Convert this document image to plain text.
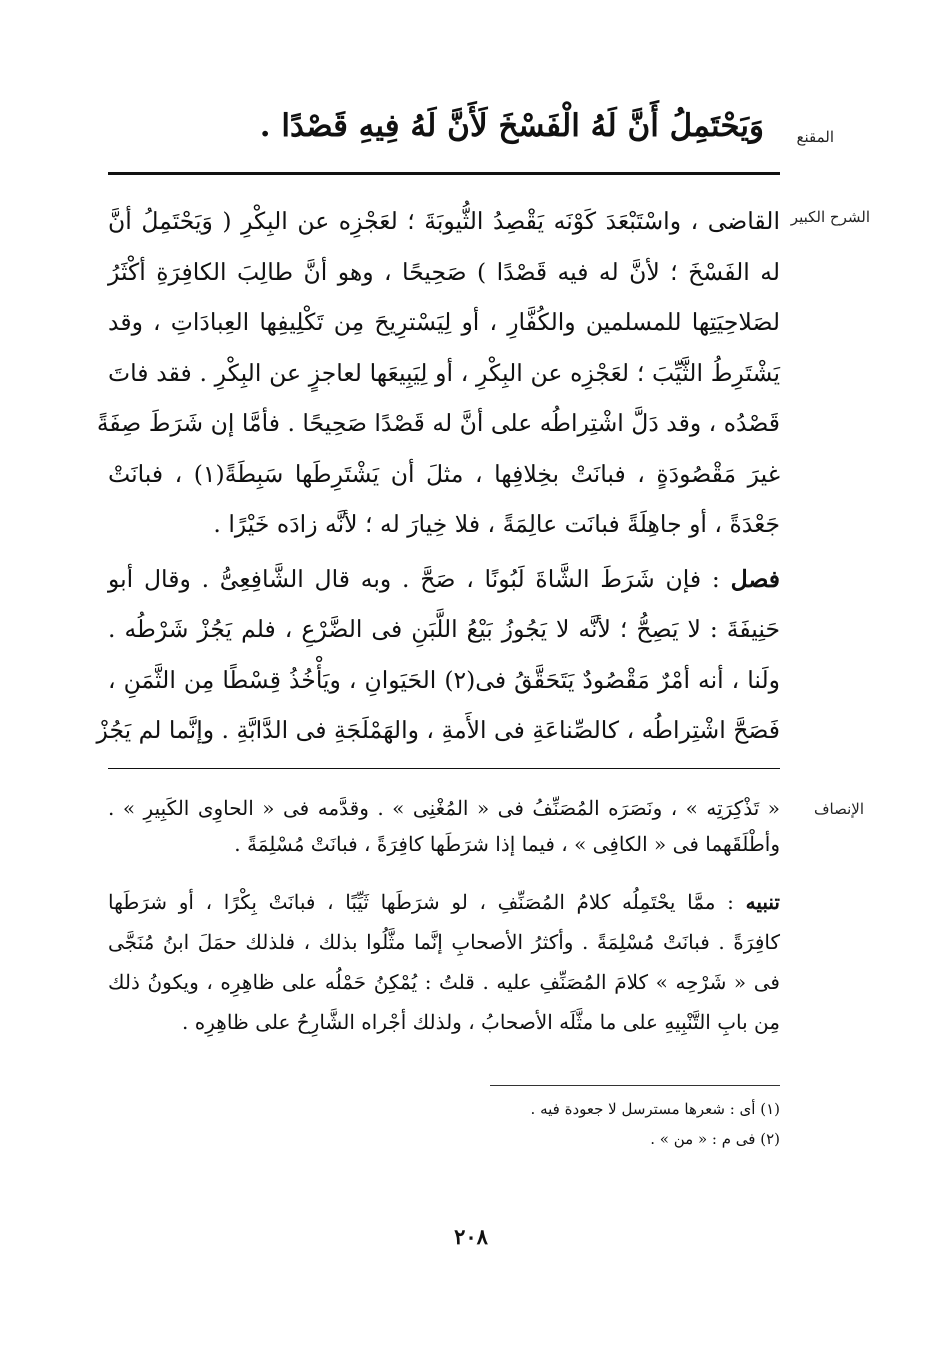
المقنع
وَيَحْتَمِلُ أَنَّ لَهُ الْفَسْخَ لَأَنَّ لَهُ فِيهِ قَصْدًا .
الشرح الكبير
القاضى ، واسْتَبْعَدَ كَوْنَه يَقْصِدُ الثُّيوبَةَ ؛ لعَجْزِه عن البِكْرِ ( وَيَحْتَمِلُ أنَّ
له الفَسْخَ ؛ لأنَّ له فيه قَصْدًا ) صَحِيحًا ، وهو أنَّ طالِبَ الكافِرَةِ أكْثَرُ
لصَلاحِيَتِها للمسلمين والكُفَّارِ ، أو لِيَسْترِيحَ مِن تَكْلِيفِها العِبادَاتِ ، وقد
يَشْتَرِطُ الثَّيِّبَ ؛ لعَجْزِه عن البِكْرِ ، أو لِيَبِيعَها لعاجزٍ عن البِكْرِ . فقد فاتَ
قَصْدُه ، وقد دَلَّ اشْتِراطُه على أنَّ له قَصْدًا صَحِيحًا . فأمَّا إن شَرَطَ صِفَةً
غيرَ مَقْصُودَةٍ ، فبانَتْ بخِلافِها ، مثلَ أن يَشْتَرِطَها سَبِطَةً(١) ، فبانَتْ
جَعْدَةً ، أو جاهِلَةً فبانَت عالِمَةً ، فلا خِيارَ له ؛ لأنَّه زادَه خَيْرًا .
فصل : فإن شَرَطَ الشَّاةَ لَبُونًا ، صَحَّ . وبه قال الشَّافِعِىُّ . وقال أبو
حَنِيفَةَ : لا يَصِحُّ ؛ لأنَّه لا يَجُوزُ بَيْعُ اللَّبَنِ فى الضَّرْعِ ، فلم يَجُزْ شَرْطُه .
ولَنا ، أنه أمْرٌ مَقْصُودٌ يَتَحَقَّقُ فى(٢) الحَيَوانِ ، ويَأْخُذُ قِسْطًا مِن الثَّمَنِ ،
فَصَحَّ اشْتِراطُه ، كالصِّناعَةِ فى الأَمةِ ، والهَمْلَجَةِ فى الدَّابَّةِ . وإنَّما لم يَجُزْ
الإنصاف
« تَذْكِرَتِه » ، ونَصَرَه المُصَنِّفُ فى « المُغْنِى » . وقدَّمه فى « الحاوِى الكَبِيرِ » .
وأطْلَقَهما فى « الكافِى » ، فيما إذا شرَطَها كافِرَةً ، فبانَتْ مُسْلِمَةً .
تنبيه : ممَّا يحْتَمِلُه كلامُ المُصَنِّفِ ، لو شرَطَها ثَيِّبًا ، فبانَتْ بِكْرًا ، أو شرَطَها
كافِرَةً . فبانَتْ مُسْلِمَةً . وأكثرُ الأصحابِ إنَّما مثَّلُوا بذلك ، فلذلك حمَلَ ابنُ مُنَجَّى
فى « شَرْحِه » كلامَ المُصَنِّفِ عليه . قلتُ : يُمْكِنُ حَمْلُه على ظاهِرِه ، ويكونُ ذلك
مِن بابِ التَّنْبِيهِ على ما مثَّلَه الأصحابُ ، ولذلك أجْراه الشَّارِحُ على ظاهِرِه .
(١) أى : شعرها مسترسل لا جعودة فيه .
(٢) فى م : « من » .
٢٠٨
